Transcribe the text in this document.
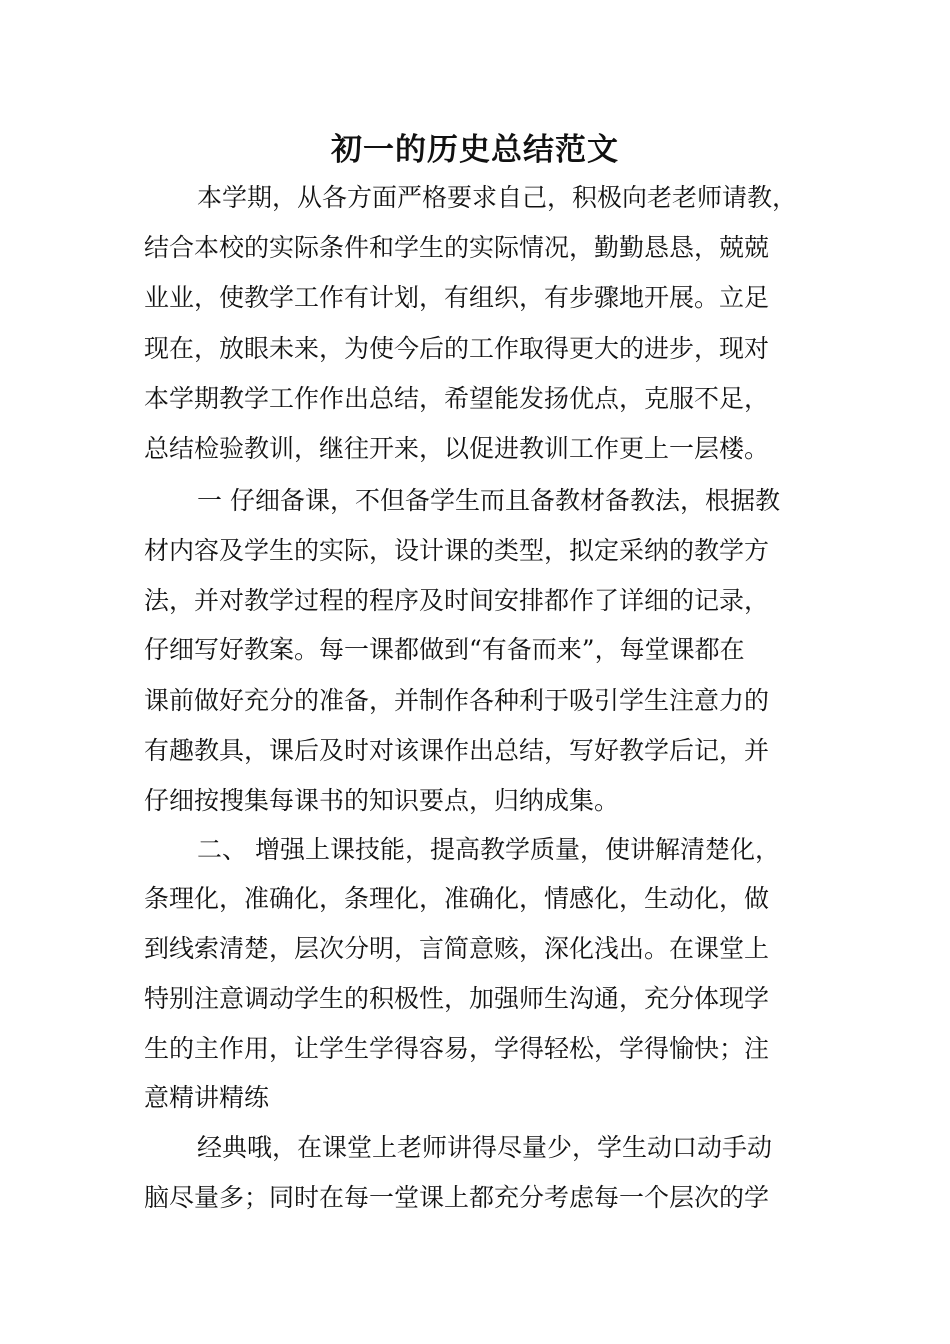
初一的历史总结范文

本学期，从各方面严格要求自己，积极向老老师请教，

结合本校的实际条件和学生的实际情况，勤勤恳恳，兢兢

业业，使教学工作有计划，有组织，有步骤地开展。立足

现在，放眼未来，为使今后的工作取得更大的进步，现对

本学期教学工作作出总结，希望能发扬优点，克服不足，

总结检验教训，继往开来，以促进教训工作更上一层楼。

一 仔细备课，不但备学生而且备教材备教法，根据教

材内容及学生的实际，设计课的类型，拟定采纳的教学方

法，并对教学过程的程序及时间安排都作了详细的记录，

仔细写好教案。每一课都做到“有备而来”，每堂课都在

课前做好充分的准备，并制作各种利于吸引学生注意力的

有趣教具，课后及时对该课作出总结，写好教学后记，并

仔细按搜集每课书的知识要点，归纳成集。

二、 增强上课技能，提高教学质量，使讲解清楚化，

条理化，准确化，条理化，准确化，情感化，生动化，做

到线索清楚，层次分明，言简意赅，深化浅出。在课堂上

特别注意调动学生的积极性，加强师生沟通，充分体现学

生的主作用，让学生学得容易，学得轻松，学得愉快；注

意精讲精练

经典哦，在课堂上老师讲得尽量少，学生动口动手动

脑尽量多；同时在每一堂课上都充分考虑每一个层次的学
